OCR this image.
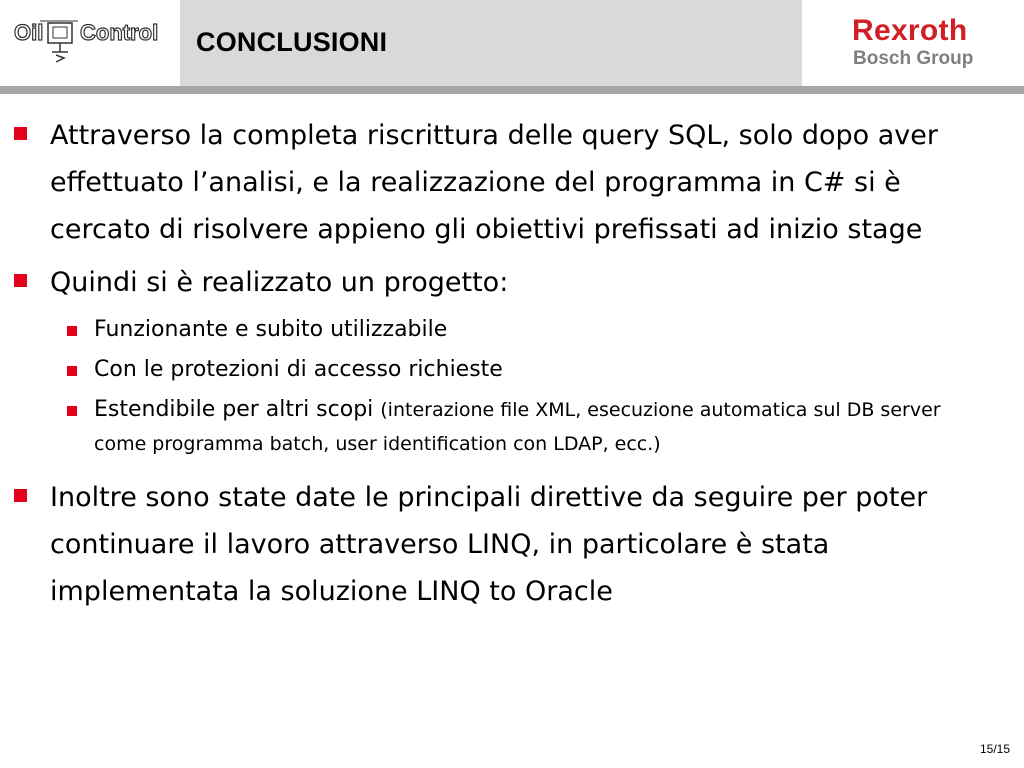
Oil Control CONCLUSIONI	Rexroth
Bosch Group
Attraverso la completa riscrittura delle query SQL, solo dopo aver effettuato l’analisi, e la realizzazione del programma in C# si è cercato di risolvere appieno gli obiettivi prefissati ad inizio stage
Quindi si è realizzato un progetto:
Funzionante e subito utilizzabile
Con le protezioni di accesso richieste
Estendibile per altri scopi (interazione file XML, esecuzione automatica sul DB server come programma batch, user identification con LDAP, ecc.)
Inoltre sono state date le principali direttive da seguire per poter continuare il lavoro attraverso LINQ, in particolare è stata implementata la soluzione LINQ to Oracle
15/15
